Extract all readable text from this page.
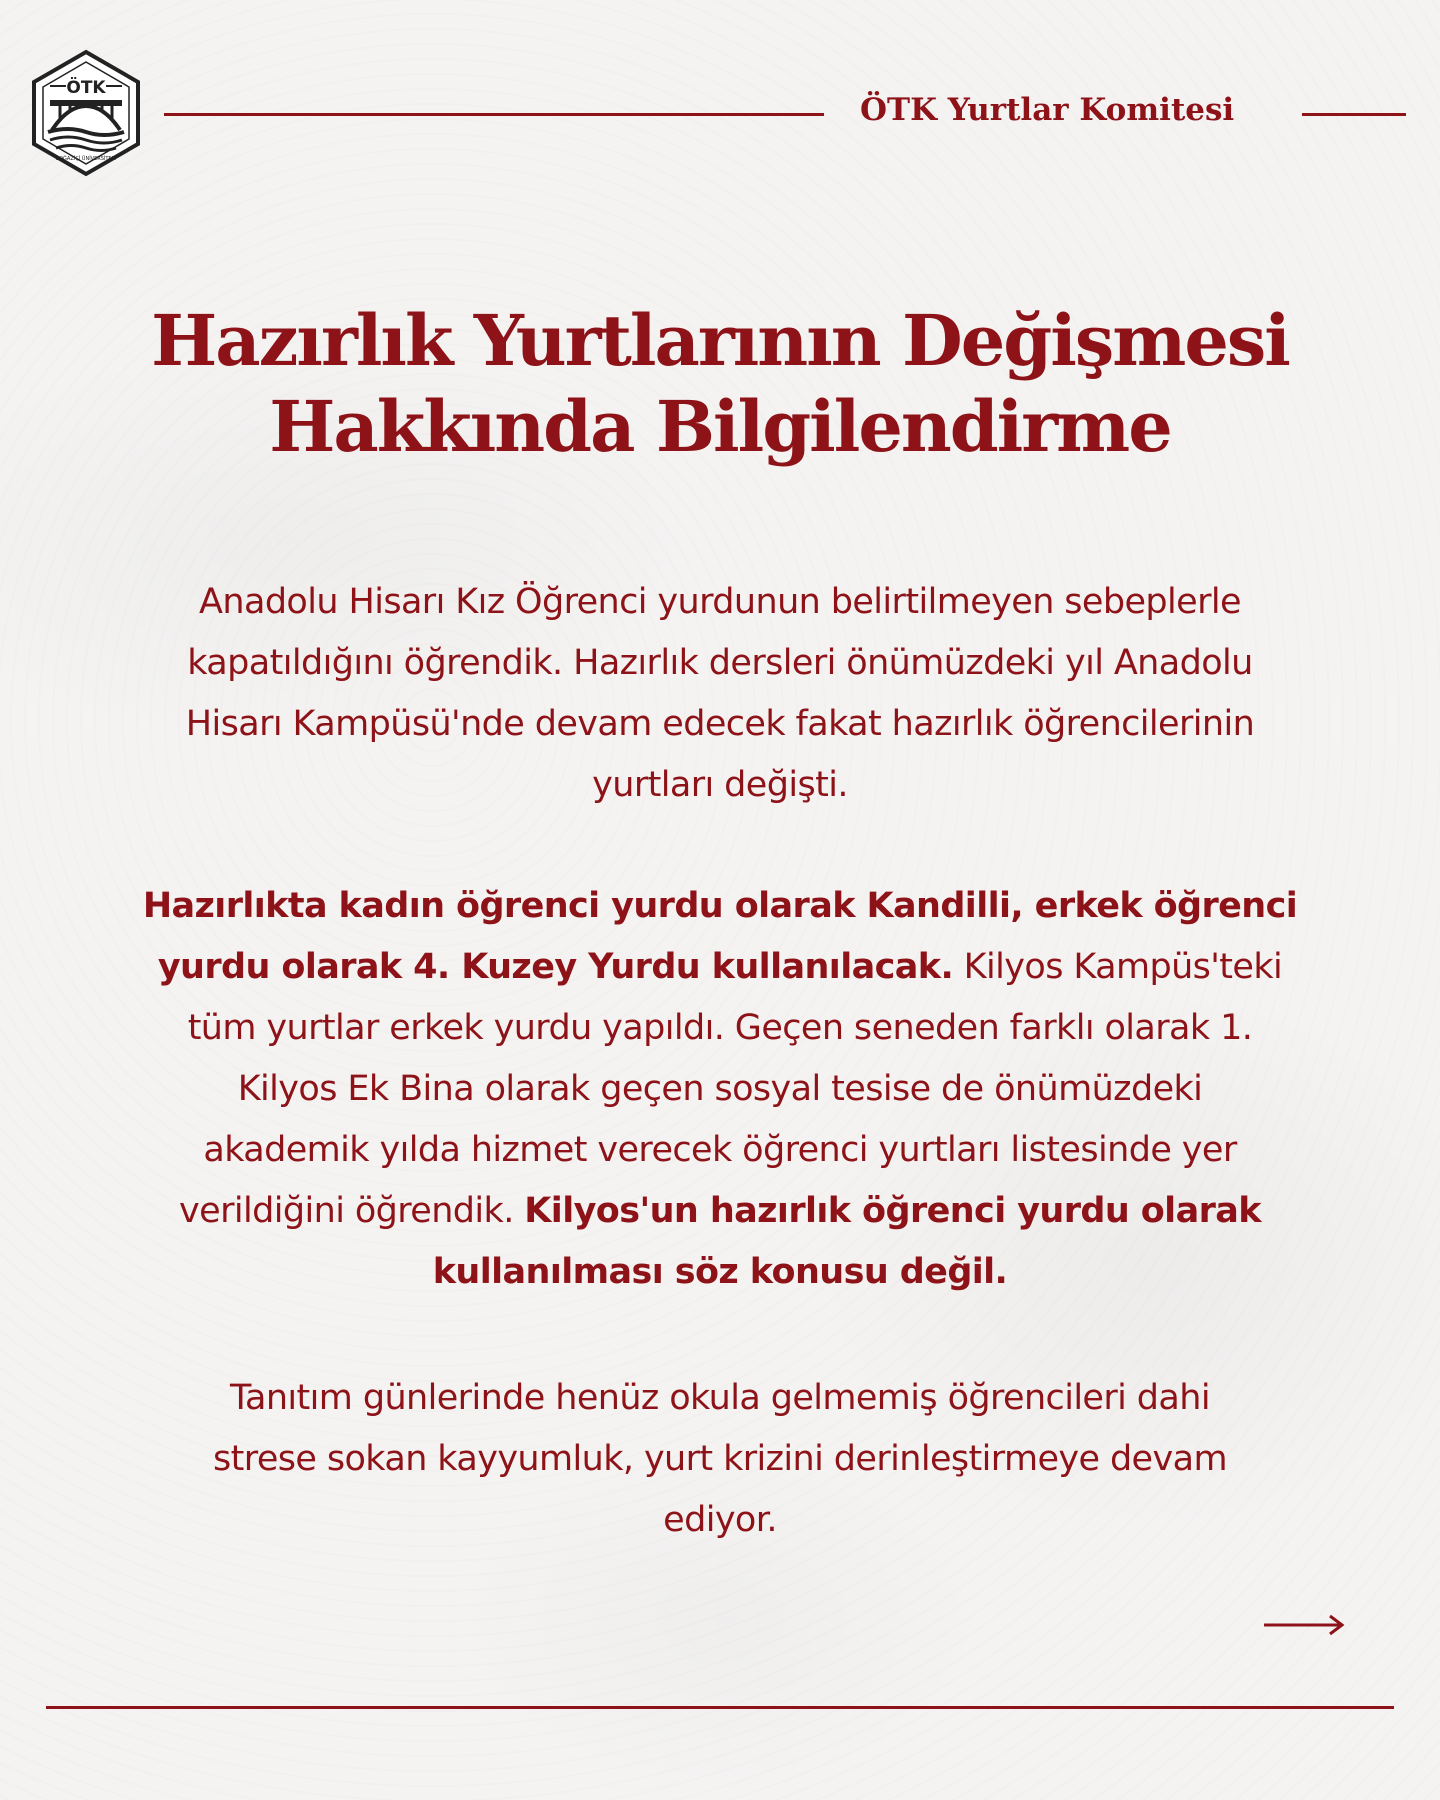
ÖTK
BOĞAZİÇİ ÜNİVERSİTESİ
ÖTK Yurtlar Komitesi
Hazırlık Yurtlarının Değişmesi
Hakkında Bilgilendirme
Anadolu Hisarı Kız Öğrenci yurdunun belirtilmeyen sebeplerle
kapatıldığını öğrendik. Hazırlık dersleri önümüzdeki yıl Anadolu
Hisarı Kampüsü'nde devam edecek fakat hazırlık öğrencilerinin
yurtları değişti.
Hazırlıkta kadın öğrenci yurdu olarak Kandilli, erkek öğrenci
yurdu olarak 4. Kuzey Yurdu kullanılacak. Kilyos Kampüs'teki
tüm yurtlar erkek yurdu yapıldı. Geçen seneden farklı olarak 1.
Kilyos Ek Bina olarak geçen sosyal tesise de önümüzdeki
akademik yılda hizmet verecek öğrenci yurtları listesinde yer
verildiğini öğrendik. Kilyos'un hazırlık öğrenci yurdu olarak
kullanılması söz konusu değil.
Tanıtım günlerinde henüz okula gelmemiş öğrencileri dahi
strese sokan kayyumluk, yurt krizini derinleştirmeye devam
ediyor.
